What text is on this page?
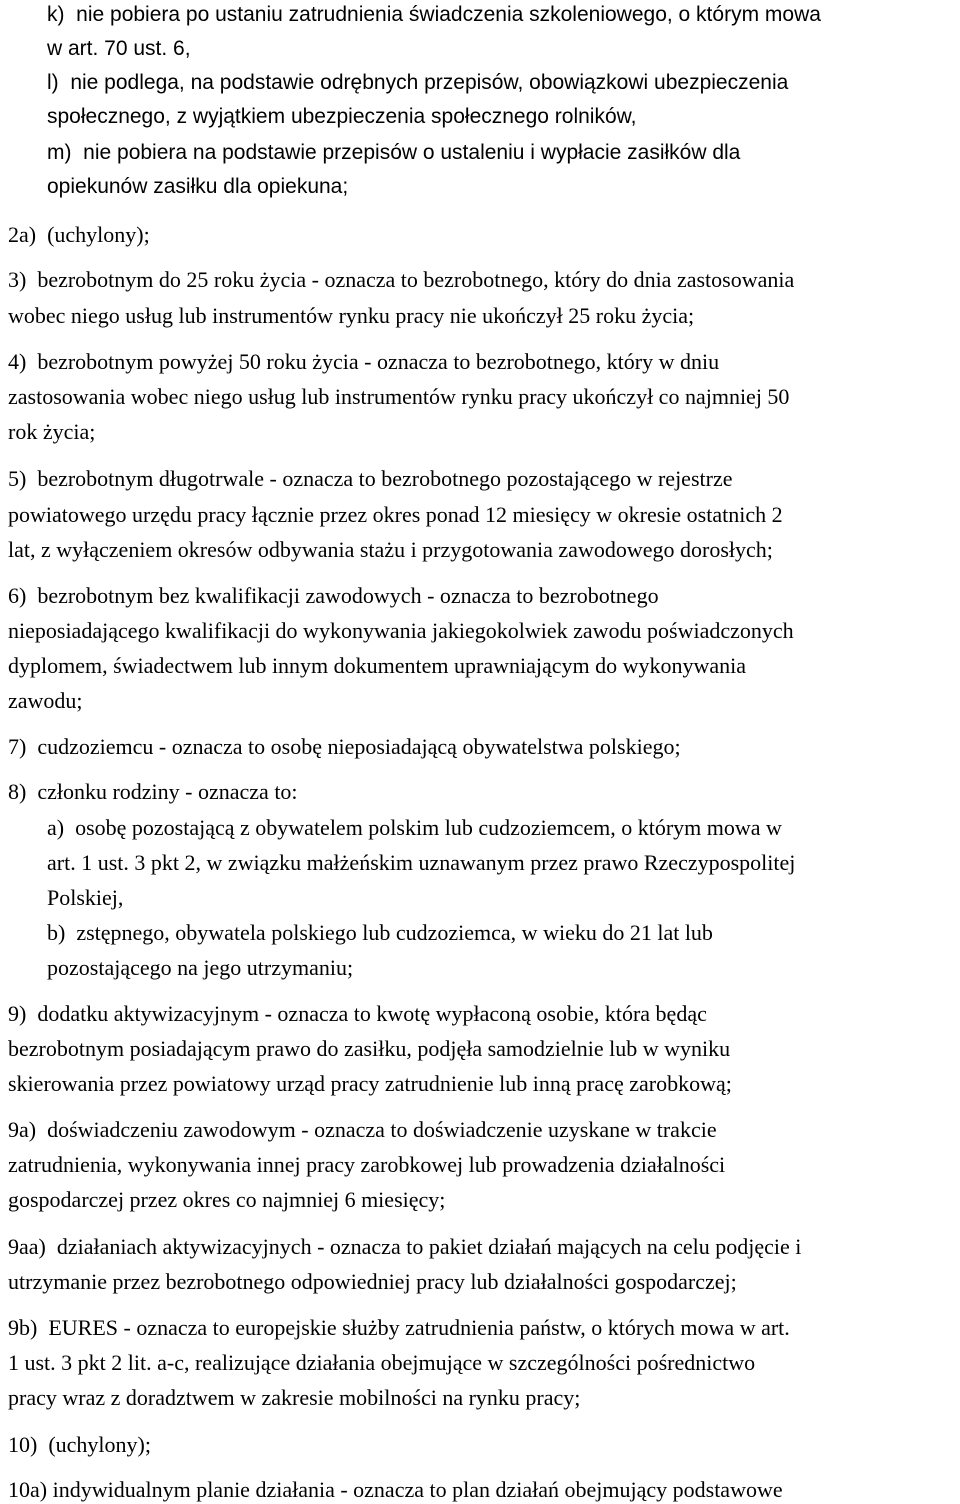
k)  nie pobiera po ustaniu zatrudnienia świadczenia szkoleniowego, o którym mowa
w art. 70 ust. 6,
l)  nie podlega, na podstawie odrębnych przepisów, obowiązkowi ubezpieczenia
społecznego, z wyjątkiem ubezpieczenia społecznego rolników,
m)  nie pobiera na podstawie przepisów o ustaleniu i wypłacie zasiłków dla
opiekunów zasiłku dla opiekuna;
2a)  (uchylony);
3)  bezrobotnym do 25 roku życia - oznacza to bezrobotnego, który do dnia zastosowania
wobec niego usług lub instrumentów rynku pracy nie ukończył 25 roku życia;
4)  bezrobotnym powyżej 50 roku życia - oznacza to bezrobotnego, który w dniu
zastosowania wobec niego usług lub instrumentów rynku pracy ukończył co najmniej 50
rok życia;
5)  bezrobotnym długotrwale - oznacza to bezrobotnego pozostającego w rejestrze
powiatowego urzędu pracy łącznie przez okres ponad 12 miesięcy w okresie ostatnich 2
lat, z wyłączeniem okresów odbywania stażu i przygotowania zawodowego dorosłych;
6)  bezrobotnym bez kwalifikacji zawodowych - oznacza to bezrobotnego
nieposiadającego kwalifikacji do wykonywania jakiegokolwiek zawodu poświadczonych
dyplomem, świadectwem lub innym dokumentem uprawniającym do wykonywania
zawodu;
7)  cudzoziemcu - oznacza to osobę nieposiadającą obywatelstwa polskiego;
8)  członku rodziny - oznacza to:
a)  osobę pozostającą z obywatelem polskim lub cudzoziemcem, o którym mowa w
art. 1 ust. 3 pkt 2, w związku małżeńskim uznawanym przez prawo Rzeczypospolitej
Polskiej,
b)  zstępnego, obywatela polskiego lub cudzoziemca, w wieku do 21 lat lub
pozostającego na jego utrzymaniu;
9)  dodatku aktywizacyjnym - oznacza to kwotę wypłaconą osobie, która będąc
bezrobotnym posiadającym prawo do zasiłku, podjęła samodzielnie lub w wyniku
skierowania przez powiatowy urząd pracy zatrudnienie lub inną pracę zarobkową;
9a)  doświadczeniu zawodowym - oznacza to doświadczenie uzyskane w trakcie
zatrudnienia, wykonywania innej pracy zarobkowej lub prowadzenia działalności
gospodarczej przez okres co najmniej 6 miesięcy;
9aa)  działaniach aktywizacyjnych - oznacza to pakiet działań mających na celu podjęcie i
utrzymanie przez bezrobotnego odpowiedniej pracy lub działalności gospodarczej;
9b)  EURES - oznacza to europejskie służby zatrudnienia państw, o których mowa w art.
1 ust. 3 pkt 2 lit. a-c, realizujące działania obejmujące w szczególności pośrednictwo
pracy wraz z doradztwem w zakresie mobilności na rynku pracy;
10)  (uchylony);
10a) indywidualnym planie działania - oznacza to plan działań obejmujący podstawowe
